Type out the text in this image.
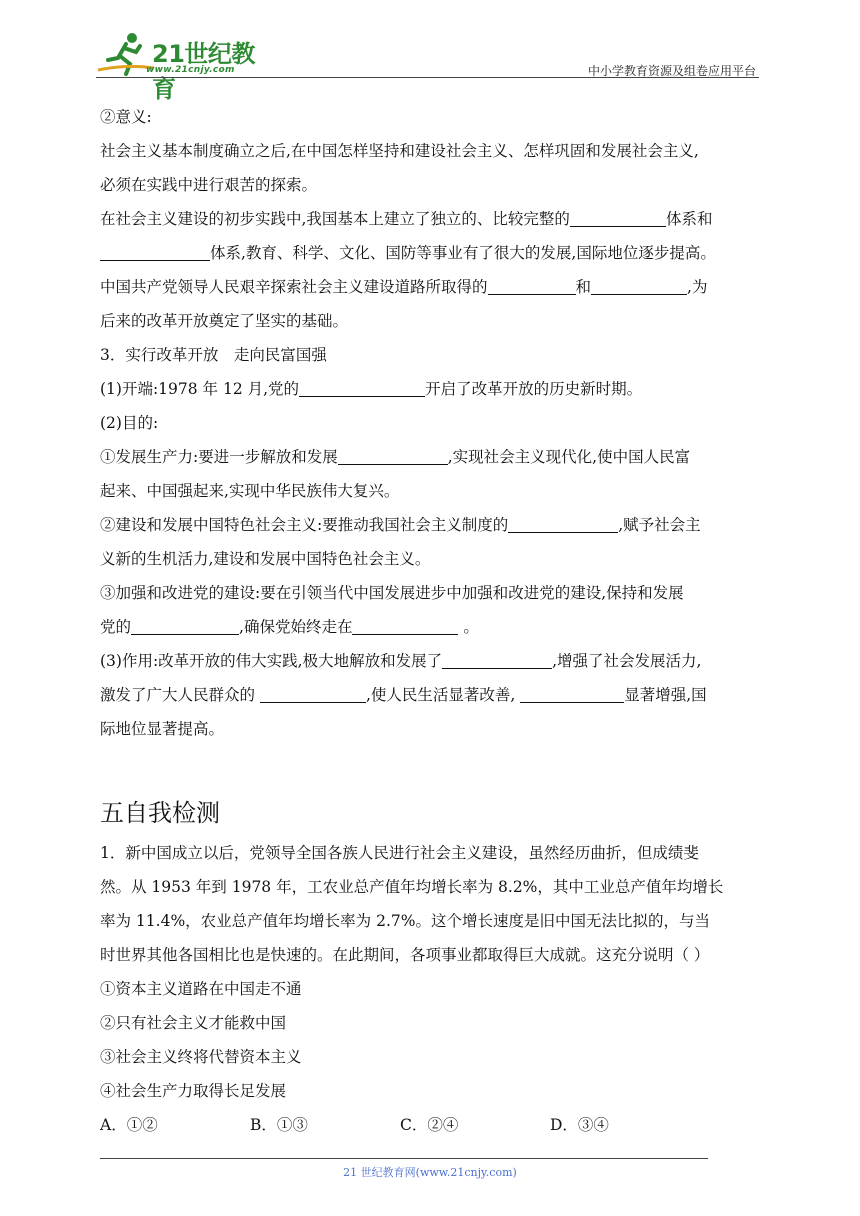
21世纪教育
www.21cnjy.com	中小学教育资源及组卷应用平台

②意义:

社会主义基本制度确立之后,在中国怎样坚持和建设社会主义、怎样巩固和发展社会主义,

必须在实践中进行艰苦的探索。

在社会主义建设的初步实践中,我国基本上建立了独立的、比较完整的	体系和

体系,教育、科学、文化、国防等事业有了很大的发展,国际地位逐步提高。

中国共产党领导人民艰辛探索社会主义建设道路所取得的	和	,为

后来的改革开放奠定了坚实的基础。

3．实行改革开放　走向民富国强

(1)开端:1978 年 12 月,党的	开启了改革开放的历史新时期。

(2)目的:

①发展生产力:要进一步解放和发展	,实现社会主义现代化,使中国人民富

起来、中国强起来,实现中华民族伟大复兴。

②建设和发展中国特色社会主义:要推动我国社会主义制度的	,赋予社会主

义新的生机活力,建设和发展中国特色社会主义。

③加强和改进党的建设:要在引领当代中国发展进步中加强和改进党的建设,保持和发展

党的	,确保党始终走在	。

(3)作用:改革开放的伟大实践,极大地解放和发展了	,增强了社会发展活力,

激发了广大人民群众的	,使人民生活显著改善,	显著增强,国

际地位显著提高。

五自我检测

1．新中国成立以后，党领导全国各族人民进行社会主义建设，虽然经历曲折，但成绩斐

然。从 1953 年到 1978 年，工农业总产值年均增长率为 8.2%，其中工业总产值年均增长

率为 11.4%，农业总产值年均增长率为 2.7%。这个增长速度是旧中国无法比拟的，与当

时世界其他各国相比也是快速的。在此期间，各项事业都取得巨大成就。这充分说明（ ）

①资本主义道路在中国走不通

②只有社会主义才能救中国

③社会主义终将代替资本主义

④社会生产力取得长足发展

A．①②	B．①③	C．②④	D．③④
21 世纪教育网(www.21cnjy.com)
